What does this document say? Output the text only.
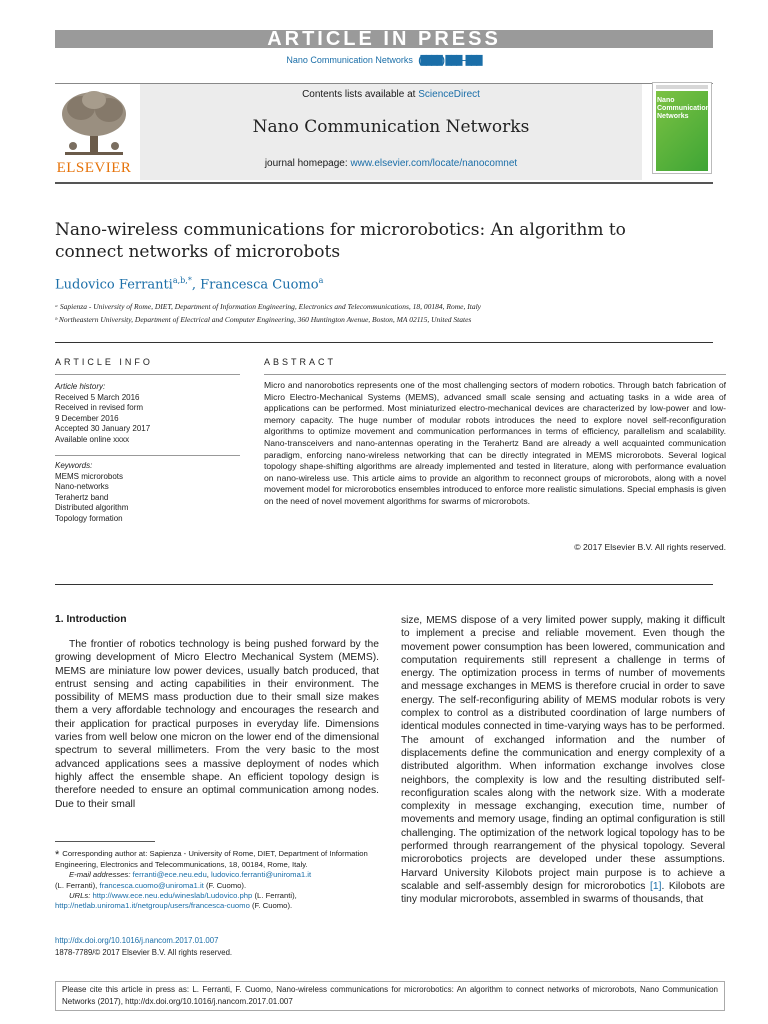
ARTICLE IN PRESS
Nano Communication Networks (████) ███–███
ELSEVIER
Contents lists available at ScienceDirect
Nano Communication Networks
journal homepage: www.elsevier.com/locate/nanocomnet
Nano Communication Networks
Nano-wireless communications for microrobotics: An algorithm to connect networks of microrobots
Ludovico Ferranti$^{a,b,*}$, Francesca Cuomo$^a$
ᵃ Sapienza - University of Rome, DIET, Department of Information Engineering, Electronics and Telecommunications, 18, 00184, Rome, Italy
ᵇ Northeastern University, Department of Electrical and Computer Engineering, 360 Huntington Avenue, Boston, MA 02115, United States
ARTICLE INFO	ABSTRACT
Article history:
Received 5 March 2016
Received in revised form
9 December 2016
Accepted 30 January 2017
Available online xxxx
Keywords:
MEMS microrobots
Nano-networks
Terahertz band
Distributed algorithm
Topology formation
Micro and nanorobotics represents one of the most challenging sectors of modern robotics. Through batch fabrication of Micro Electro-Mechanical Systems (MEMS), advanced small scale sensing and actuating tasks in a wide area of applications can be performed. Most miniaturized electro-mechanical devices are characterized by low-power and low-memory capacity. The huge number of modular robots introduces the need to explore novel self-reconfiguration algorithms to optimize movement and communication performances in terms of efficiency, parallelism and scalability. Nano-transceivers and nano-antennas operating in the Terahertz Band are already a well acquainted communication paradigm, enforcing nano-wireless networking that can be directly integrated in MEMS microrobots. Several logical topology shape-shifting algorithms are already implemented and tested in literature, along with performance evaluation on nano-wireless use. This article aims to provide an algorithm to reconnect groups of microrobots, along with a novel movement model for microrobotics ensembles introduced to enforce more realistic simulations. Special emphasis is given on the need of novel movement algorithms for swarms of microrobots.
© 2017 Elsevier B.V. All rights reserved.
1. Introduction
The frontier of robotics technology is being pushed forward by the growing development of Micro Electro Mechanical System (MEMS). MEMS are miniature low power devices, usually batch produced, that entrust sensing and acting capabilities in their environment. The possibility of MEMS mass production due to their small size makes them a very affordable technology and encourages the research and their application for practical purposes in everyday life. Dimensions varies from well below one micron on the lower end of the dimensional spectrum to several millimeters. From the very basic to the most advanced applications sees a massive deployment of nodes which highly affect the ensemble shape. An efficient topology design is therefore needed to ensure an optimal communication among nodes. Due to their small
size, MEMS dispose of a very limited power supply, making it difficult to implement a precise and reliable movement. Even though the movement power consumption has been lowered, communication and computation requirements still represent a challenge in terms of energy. The optimization process in terms of number of movements and message exchanges in MEMS is therefore crucial in order to save energy. The self-reconfiguring ability of MEMS modular robots is very complex to control as a distributed coordination of large numbers of identical modules connected in time-varying ways has to be performed. The amount of exchanged information and the number of displacements define the communication and energy complexity of a distributed algorithm. When information exchange involves close neighbors, the complexity is low and the resulting distributed self-reconfiguration scales along with the network size. With a moderate complexity in message exchanging, execution time, number of movements and memory usage, finding an optimal configuration is still challenging. The optimization of the network logical topology has to be performed through rearrangement of the physical topology. Several microrobotics projects are developed under these assumptions. Harvard University Kilobots project main purpose is to achieve a scalable and self-assembly design for microrobotics [1]. Kilobots are tiny modular microrobots, assembled in swarms of thousands, that
* Corresponding author at: Sapienza - University of Rome, DIET, Department of Information Engineering, Electronics and Telecommunications, 18, 00184, Rome, Italy.
E-mail addresses: ferranti@ece.neu.edu, ludovico.ferranti@uniroma1.it
(L. Ferranti), francesca.cuomo@uniroma1.it (F. Cuomo).
URLs: http://www.ece.neu.edu/wineslab/Ludovico.php (L. Ferranti),
http://netlab.uniroma1.it/netgroup/users/francesca-cuomo (F. Cuomo).
http://dx.doi.org/10.1016/j.nancom.2017.01.007
1878-7789/© 2017 Elsevier B.V. All rights reserved.
Please cite this article in press as: L. Ferranti, F. Cuomo, Nano-wireless communications for microrobotics: An algorithm to connect networks of microrobots, Nano Communication Networks (2017), http://dx.doi.org/10.1016/j.nancom.2017.01.007
